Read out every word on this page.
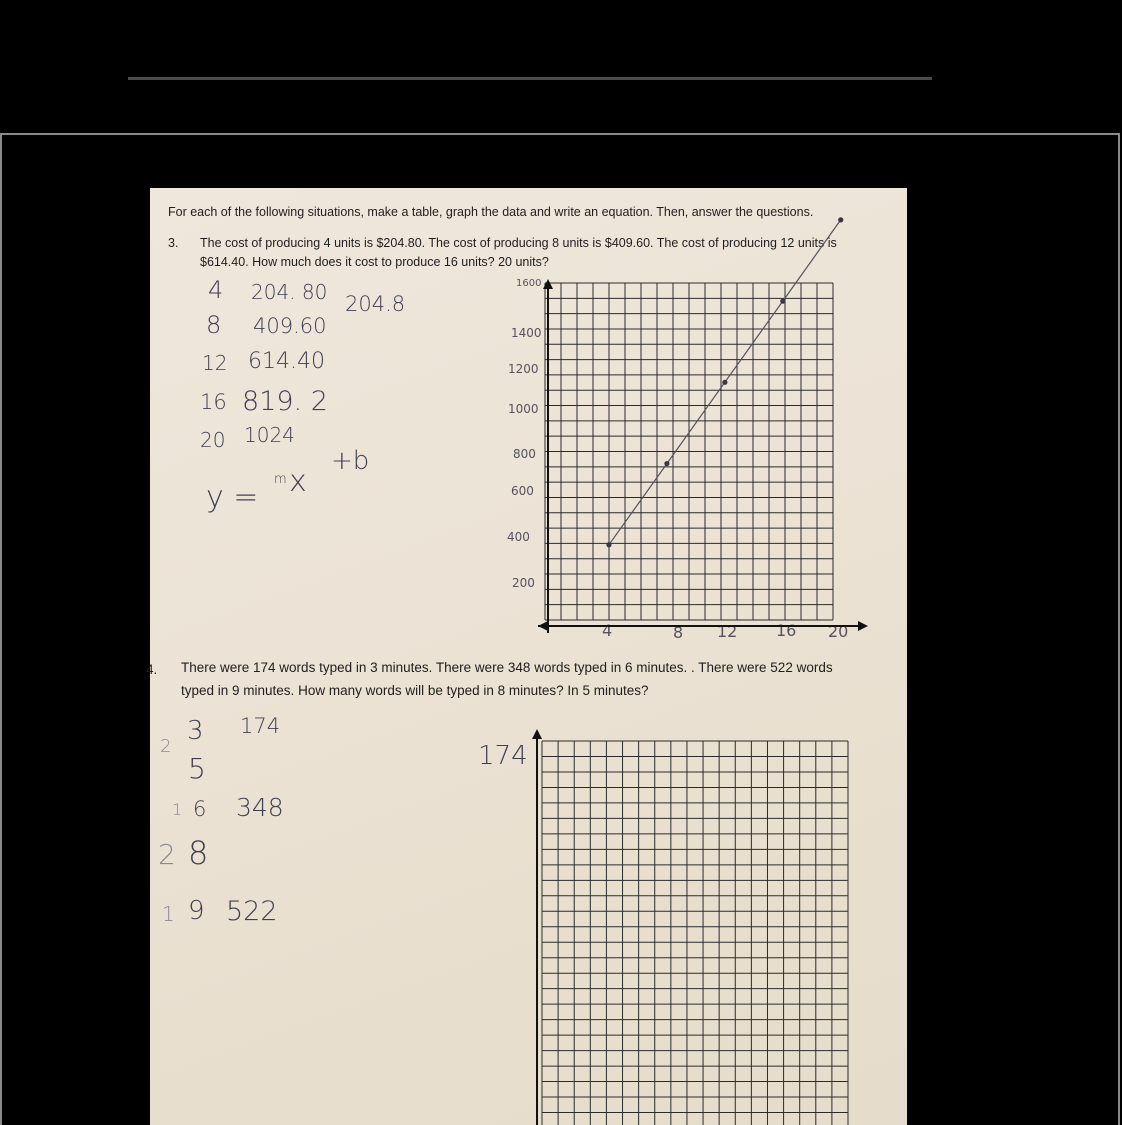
For each of the following situations, make a table, graph the data and write an equation. Then, answer the questions.
3. The cost of producing 4 units is $204.80. The cost of producing 8 units is $409.60. The cost of producing 12 units is
$614.40. How much does it cost to produce 16 units? 20 units?
4 204. 80
8 409.60
12 614.40
16 819. 2
20 1024
204.8
y =
m x
+b
1600
1400
1200
1000
800
600
400
200
4	8 12 16 20
4. There were 174 words typed in 3 minutes. There were 348 words typed in 6 minutes. . There were 522 words
typed in 9 minutes. How many words will be typed in 8 minutes? In 5 minutes?
3 174
5
6 348
8
9 522
2
1
2
1
174
